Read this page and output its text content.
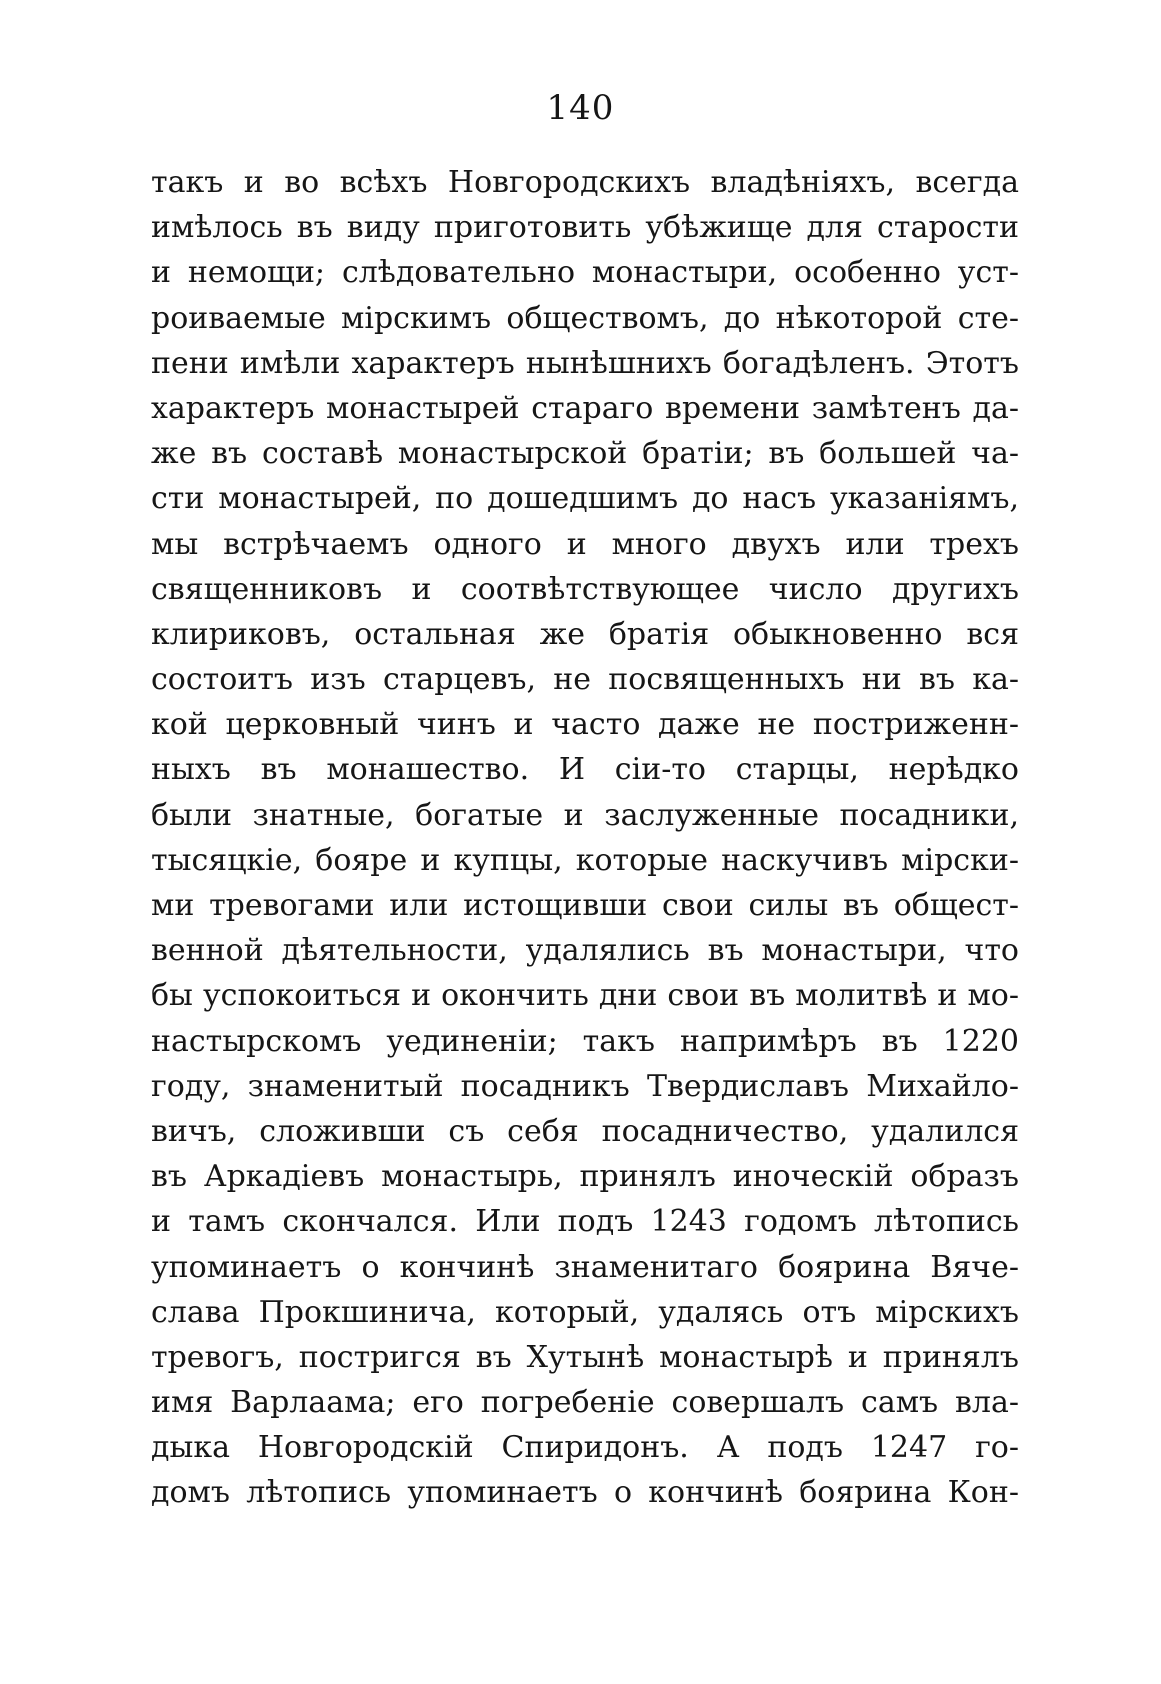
140
такъ и во всѣхъ Новгородскихъ владѣніяхъ, всегда
имѣлось въ виду приготовить убѣжище для старости
и немощи; слѣдовательно монастыри, особенно уст-
роиваемые мірскимъ обществомъ, до нѣкоторой сте-
пени имѣли характеръ нынѣшнихъ богадѣленъ. Этотъ
характеръ монастырей стараго времени замѣтенъ да-
же въ составѣ монастырской братіи; въ большей ча-
сти монастырей, по дошедшимъ до насъ указаніямъ,
мы встрѣчаемъ одного и много двухъ или трехъ
священниковъ и соотвѣтствующее число другихъ
клириковъ, остальная же братія обыкновенно вся
состоитъ изъ старцевъ, не посвященныхъ ни въ ка-
кой церковный чинъ и часто даже не постриженн-
ныхъ въ монашество. И сіи-то старцы, нерѣдко
были знатные, богатые и заслуженные посадники,
тысяцкіе, бояре и купцы, которые наскучивъ мірски-
ми тревогами или истощивши свои силы въ общест-
венной дѣятельности, удалялись въ монастыри, что
бы успокоиться и окончить дни свои въ молитвѣ и мо-
настырскомъ уединеніи; такъ напримѣръ въ 1220
году, знаменитый посадникъ Твердиславъ Михайло-
вичъ, сложивши съ себя посадничество, удалился
въ Аркадіевъ монастырь, принялъ иноческій образъ
и тамъ скончался. Или подъ 1243 годомъ лѣтопись
упоминаетъ о кончинѣ знаменитаго боярина Вяче-
слава Прокшинича, который, удалясь отъ мірскихъ
тревогъ, постригся въ Хутынѣ монастырѣ и принялъ
имя Варлаама; его погребеніе совершалъ самъ вла-
дыка Новгородскій Спиридонъ. А подъ 1247 го-
домъ лѣтопись упоминаетъ о кончинѣ боярина Кон-
